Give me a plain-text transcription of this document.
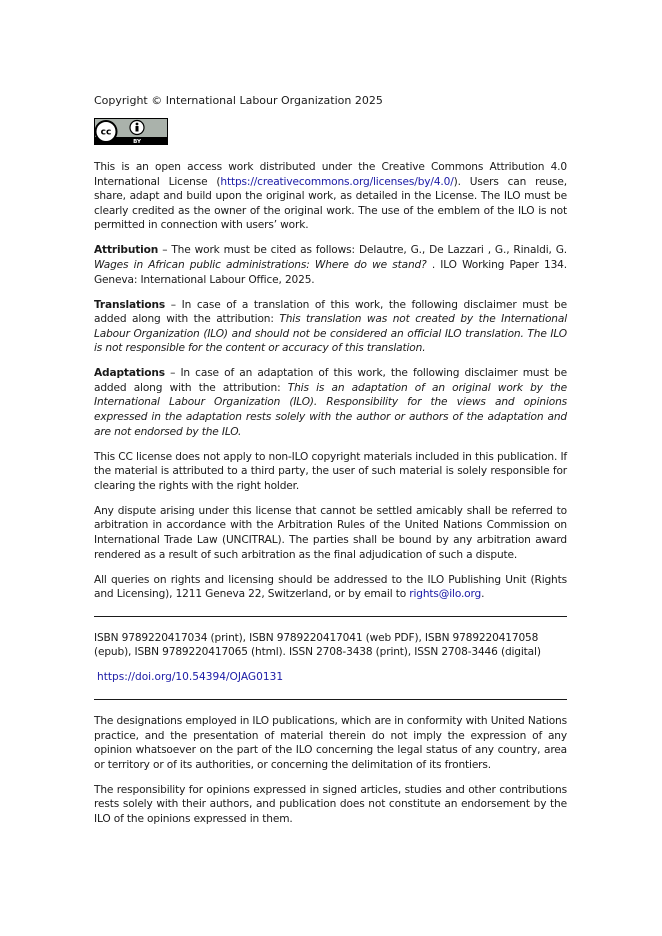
Copyright © International Labour Organization 2025
cc
BY

This is an open access work distributed under the Creative Commons Attribution 4.0 International License (https://creativecommons.org/licenses/by/4.0/). Users can reuse, share, adapt and build upon the original work, as detailed in the License. The ILO must be clearly credited as the owner of the original work. The use of the emblem of the ILO is not permitted in connection with users’ work.

Attribution – The work must be cited as follows: Delautre, G., De Lazzari , G., Rinaldi, G. Wages in African public administrations: Where do we stand? . ILO Working Paper 134. Geneva: International Labour Office, 2025.

Translations – In case of a translation of this work, the following disclaimer must be added along with the attribution: This translation was not created by the International Labour Organization (ILO) and should not be considered an official ILO translation. The ILO is not responsible for the content or accuracy of this translation.

Adaptations – In case of an adaptation of this work, the following disclaimer must be added along with the attribution: This is an adaptation of an original work by the International Labour Organization (ILO). Responsibility for the views and opinions expressed in the adaptation rests solely with the author or authors of the adaptation and are not endorsed by the ILO.

This CC license does not apply to non-ILO copyright materials included in this publication. If the material is attributed to a third party, the user of such material is solely responsible for clearing the rights with the right holder.

Any dispute arising under this license that cannot be settled amicably shall be referred to arbitration in accordance with the Arbitration Rules of the United Nations Commission on International Trade Law (UNCITRAL). The parties shall be bound by any arbitration award rendered as a result of such arbitration as the final adjudication of such a dispute.

All queries on rights and licensing should be addressed to the ILO Publishing Unit (Rights and Licensing), 1211 Geneva 22, Switzerland, or by email to rights@ilo.org.

ISBN 9789220417034 (print), ISBN 9789220417041 (web PDF), ISBN 9789220417058 (epub), ISBN 9789220417065 (html). ISSN 2708-3438 (print), ISSN 2708-3446 (digital)

https://doi.org/10.54394/OJAG0131

The designations employed in ILO publications, which are in conformity with United Nations practice, and the presentation of material therein do not imply the expression of any opinion whatsoever on the part of the ILO concerning the legal status of any country, area or territory or of its authorities, or concerning the delimitation of its frontiers.

The responsibility for opinions expressed in signed articles, studies and other contributions rests solely with their authors, and publication does not constitute an endorsement by the ILO of the opinions expressed in them.
